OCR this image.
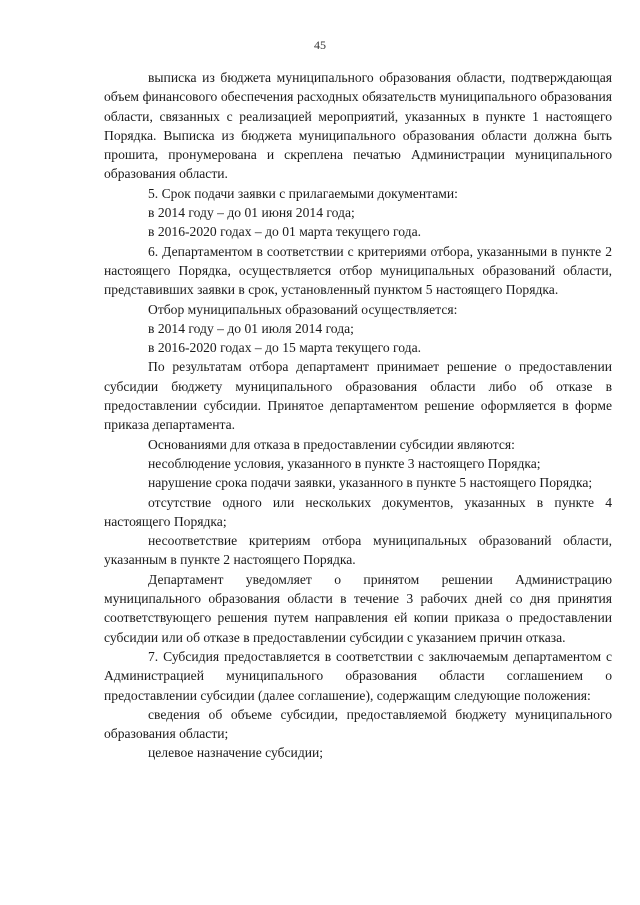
45

выписка из бюджета муниципального образования области, подтверждающая объем финансового обеспечения расходных обязательств муниципального образования области, связанных с реализацией мероприятий, указанных в пункте 1 настоящего Порядка. Выписка из бюджета муниципального образования области должна быть прошита, пронумерована и скреплена печатью Администрации муниципального образования области.

5. Срок подачи заявки с прилагаемыми документами:

в 2014 году – до 01 июня 2014 года;

в 2016-2020 годах – до 01 марта текущего года.

6. Департаментом в соответствии с критериями отбора, указанными в пункте 2 настоящего Порядка, осуществляется отбор муниципальных образований области, представивших заявки в срок, установленный пунктом 5 настоящего Порядка.

Отбор муниципальных образований осуществляется:

в 2014 году – до 01 июля 2014 года;

в 2016-2020 годах – до 15 марта текущего года.

По результатам отбора департамент принимает решение о предоставлении субсидии бюджету муниципального образования области либо об отказе в предоставлении субсидии. Принятое департаментом решение оформляется в форме приказа департамента.

Основаниями для отказа в предоставлении субсидии являются:

несоблюдение условия, указанного в пункте 3 настоящего Порядка;

нарушение срока подачи заявки, указанного в пункте 5 настоящего Порядка;

отсутствие одного или нескольких документов, указанных в пункте 4 настоящего Порядка;

несоответствие критериям отбора муниципальных образований области, указанным в пункте 2 настоящего Порядка.

Департамент уведомляет о принятом решении Администрацию муниципального образования области в течение 3 рабочих дней со дня принятия соответствующего решения путем направления ей копии приказа о предоставлении субсидии или об отказе в предоставлении субсидии с указанием причин отказа.

7. Субсидия предоставляется в соответствии с заключаемым департаментом с Администрацией муниципального образования области соглашением о предоставлении субсидии (далее соглашение), содержащим следующие положения:

сведения об объеме субсидии, предоставляемой бюджету муниципального образования области;

целевое назначение субсидии;
